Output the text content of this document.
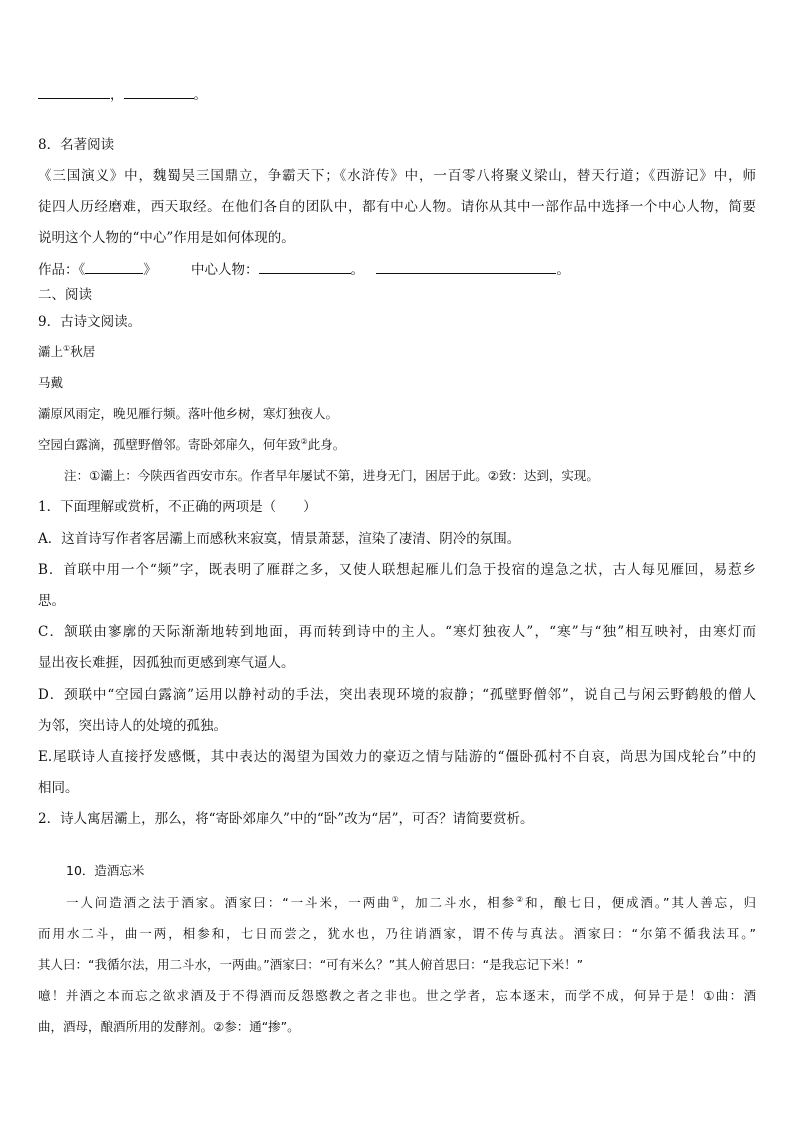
，	。
8．名著阅读
《三国演义》中，魏蜀吴三国鼎立，争霸天下；《水浒传》中，一百零八将聚义梁山，替天行道；《西游记》中，师
徒四人历经磨难，西天取经。在他们各自的团队中，都有中心人物。请你从其中一部作品中选择一个中心人物，简要
说明这个人物的“中心”作用是如何体现的。
作品：《	》	中心人物：	。	。
二、阅读
9．古诗文阅读。
灞上①秋居
马戴
灞原风雨定，晚见雁行频。落叶他乡树，寒灯独夜人。
空园白露滴，孤壁野僧邻。寄卧郊扉久，何年致②此身。
注：①灞上：今陕西省西安市东。作者早年屡试不第，进身无门，困居于此。②致：达到，实现。
1．下面理解或赏析，不正确的两项是（　　）
A．这首诗写作者客居灞上而感秋来寂寞，情景萧瑟，渲染了凄清、阴冷的氛围。
B．首联中用一个“频”字，既表明了雁群之多，又使人联想起雁儿们急于投宿的遑急之状，古人每见雁回，易惹乡
思。
C．颔联由寥廓的天际渐渐地转到地面，再而转到诗中的主人。“寒灯独夜人”，“寒”与“独”相互映衬，由寒灯而
显出夜长难捱，因孤独而更感到寒气逼人。
D．颈联中“空园白露滴”运用以静衬动的手法，突出表现环境的寂静；“孤壁野僧邻”，说自己与闲云野鹤般的僧人
为邻，突出诗人的处境的孤独。
E.尾联诗人直接抒发感慨，其中表达的渴望为国效力的豪迈之情与陆游的“僵卧孤村不自哀，尚思为国戍轮台”中的
相同。
2．诗人寓居灞上，那么，将“寄卧郊扉久”中的“卧”改为“居”，可否？请简要赏析。
10．造酒忘米
一人问造酒之法于酒家。酒家曰：“一斗米，一两曲①，加二斗水，相参②和，酿七日，便成酒。”其人善忘，归
而用水二斗，曲一两，相参和，七日而尝之，犹水也，乃往诮酒家，谓不传与真法。酒家曰：“尔第不循我法耳。”
其人曰：“我循尔法，用二斗水，一两曲。”酒家曰：“可有米么？”其人俯首思曰：“是我忘记下米！”
噫！并酒之本而忘之欲求酒及于不得酒而反怨愍教之者之非也。世之学者，忘本逐末，而学不成，何异于是！①曲：酒
曲，酒母，酿酒所用的发酵剂。②参：通“掺”。
